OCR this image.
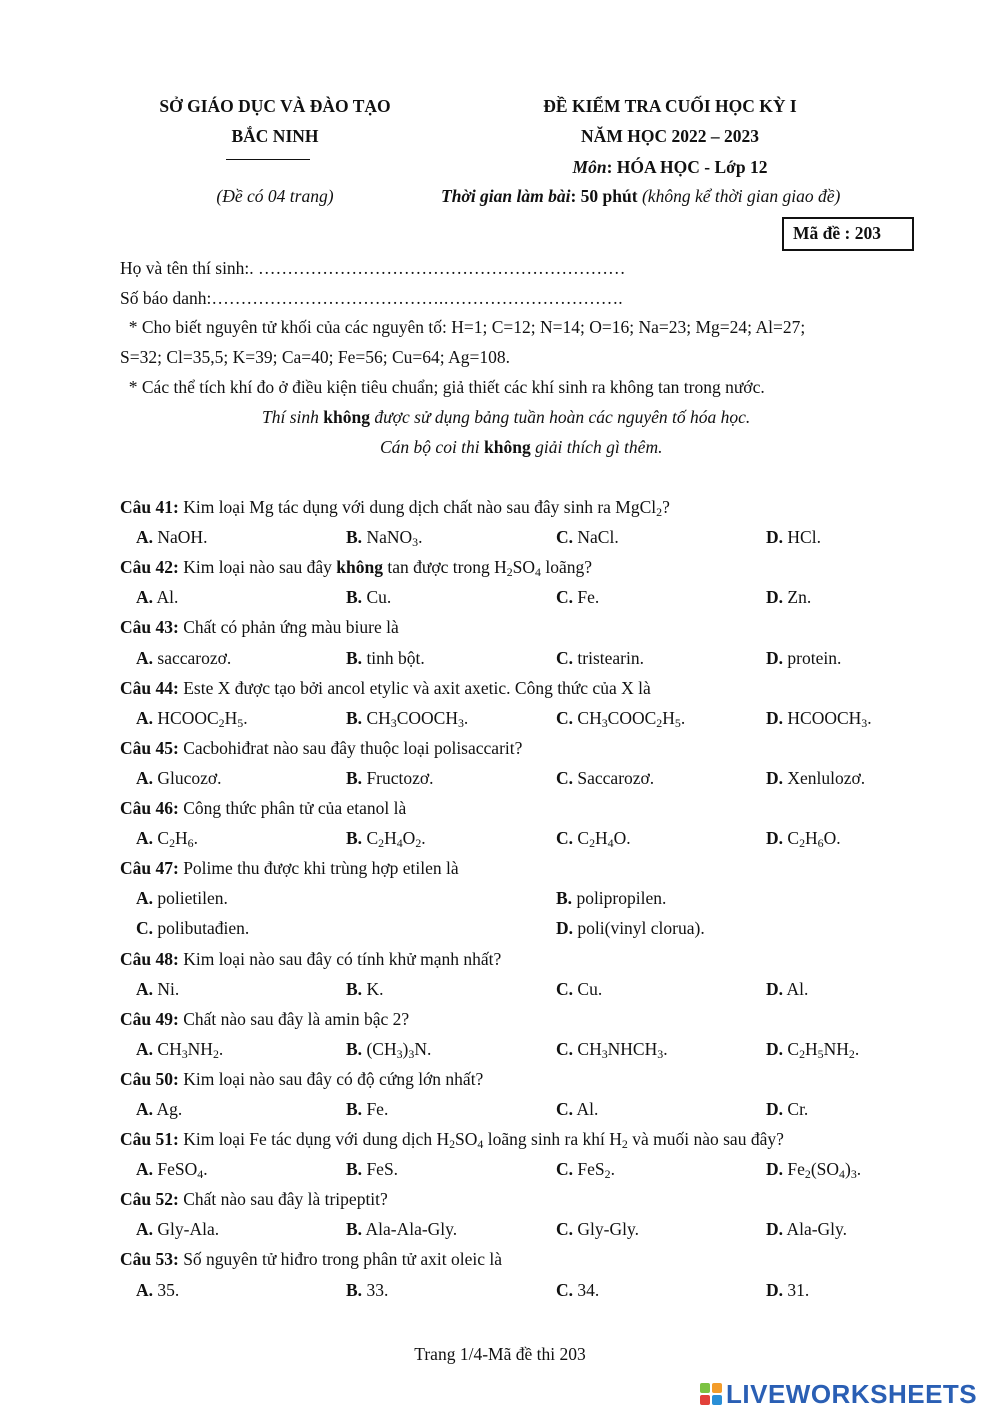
SỞ GIÁO DỤC VÀ ĐÀO TẠO
BẮC NINH
(Đề có 04 trang)
ĐỀ KIỂM TRA CUỐI HỌC KỲ I
NĂM HỌC 2022 – 2023
Môn: HÓA HỌC - Lớp 12
Thời gian làm bài: 50 phút (không kể thời gian giao đề)
Mã đề : 203
Họ và tên thí sinh:. ………………………………………………………
Số báo danh:………………………………….………………………….
* Cho biết nguyên tử khối của các nguyên tố: H=1; C=12; N=14; O=16; Na=23; Mg=24; Al=27;
S=32; Cl=35,5; K=39; Ca=40; Fe=56; Cu=64; Ag=108.
* Các thể tích khí đo ở điều kiện tiêu chuẩn; giả thiết các khí sinh ra không tan trong nước.
Thí sinh không được sử dụng bảng tuần hoàn các nguyên tố hóa học.
Cán bộ coi thi không giải thích gì thêm.
Câu 41: Kim loại Mg tác dụng với dung dịch chất nào sau đây sinh ra MgCl$_2$?
A. NaOH.	B. NaNO$_3$.	C. NaCl.	D. HCl.
Câu 42: Kim loại nào sau đây không tan được trong $H_2SO_4$ loãng?
A. Al.	B. Cu.	C. Fe.	D. Zn.
Câu 43: Chất có phản ứng màu biure là
A. saccarozơ.	B. tinh bột.	C. tristearin.	D. protein.
Câu 44: Este X được tạo bởi ancol etylic và axit axetic. Công thức của X là
A. $HCOOC_2H_5$.	B. $CH_3COOCH_3$.	C. $CH_3COOC_2H_5$.	D. $HCOOCH_3$.
Câu 45: Cacbohiđrat nào sau đây thuộc loại polisaccarit?
A. Glucozơ.	B. Fructozơ.	C. Saccarozơ.	D. Xenlulozơ.
Câu 46: Công thức phân tử của etanol là
A. $C_2H_6$.	B. $C_2H_4O_2$.	C. $C_2H_4O$.	D. $C_2H_6O$.
Câu 47: Polime thu được khi trùng hợp etilen là
A. polietilen.	B. polipropilen.
C. polibutađien.	D. poli(vinyl clorua).
Câu 48: Kim loại nào sau đây có tính khử mạnh nhất?
A. Ni.	B. K.	C. Cu.	D. Al.
Câu 49: Chất nào sau đây là amin bậc 2?
A. $CH_3NH_2$.	B. $(CH_3)_3N$.	C. $CH_3NHCH_3$.	D. $C_2H_5NH_2$.
Câu 50: Kim loại nào sau đây có độ cứng lớn nhất?
A. Ag.	B. Fe.	C. Al.	D. Cr.
Câu 51: Kim loại Fe tác dụng với dung dịch $H_2SO_4$ loãng sinh ra khí $H_2$ và muối nào sau đây?
A. FeSO$_4$.	B. FeS.	C. FeS$_2$.	D. $Fe_2(SO_4)_3$.
Câu 52: Chất nào sau đây là tripeptit?
A. Gly-Ala.	B. Ala-Ala-Gly.	C. Gly-Gly.	D. Ala-Gly.
Câu 53: Số nguyên tử hiđro trong phân tử axit oleic là
A. 35.	B. 33.	C. 34.	D. 31.
Trang 1/4-Mã đề thi 203
LIVEWORKSHEETS
